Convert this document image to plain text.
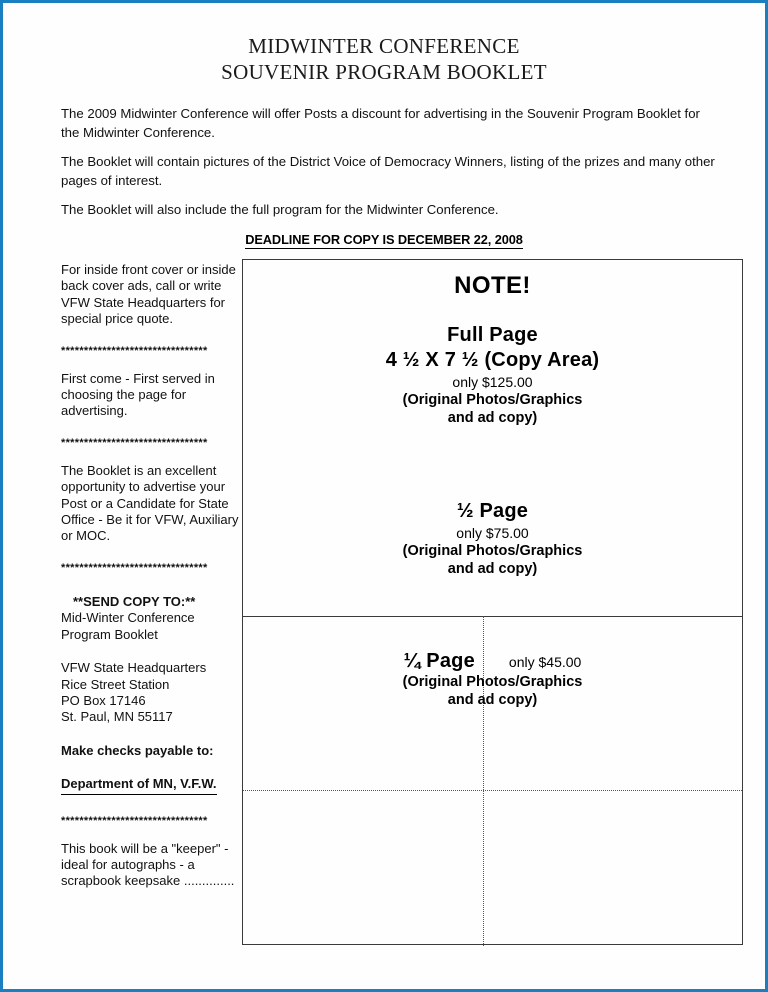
MIDWINTER CONFERENCE
SOUVENIR PROGRAM BOOKLET
The 2009 Midwinter Conference will offer Posts a discount for advertising in the Souvenir Program Booklet for the Midwinter Conference.
The Booklet will contain pictures of the District Voice of Democracy Winners, listing of the prizes and many other pages of interest.
The Booklet will also include the full program for the Midwinter Conference.
DEADLINE FOR COPY IS DECEMBER 22, 2008
For inside front cover or inside back cover ads, call or write VFW State Headquarters for special price quote.
********************************
First come - First served in choosing the page for advertising.
********************************
The Booklet is an excellent opportunity to advertise your Post or a Candidate for State Office - Be it for VFW, Auxiliary or MOC.
********************************
**SEND COPY TO:**
Mid-Winter Conference
Program Booklet
VFW State Headquarters
Rice Street Station
PO Box 17146
St. Paul, MN 55117
Make checks payable to:
Department of MN, V.F.W.
********************************
This book will be a "keeper" - ideal for autographs - a scrapbook keepsake ..............
NOTE!
Full Page
4 ½ X 7 ½ (Copy Area)
only $125.00
(Original Photos/Graphics
and ad copy)
½ Page
only $75.00
(Original Photos/Graphics
and ad copy)
¼ Page only $45.00
(Original Photos/Graphics
and ad copy)
